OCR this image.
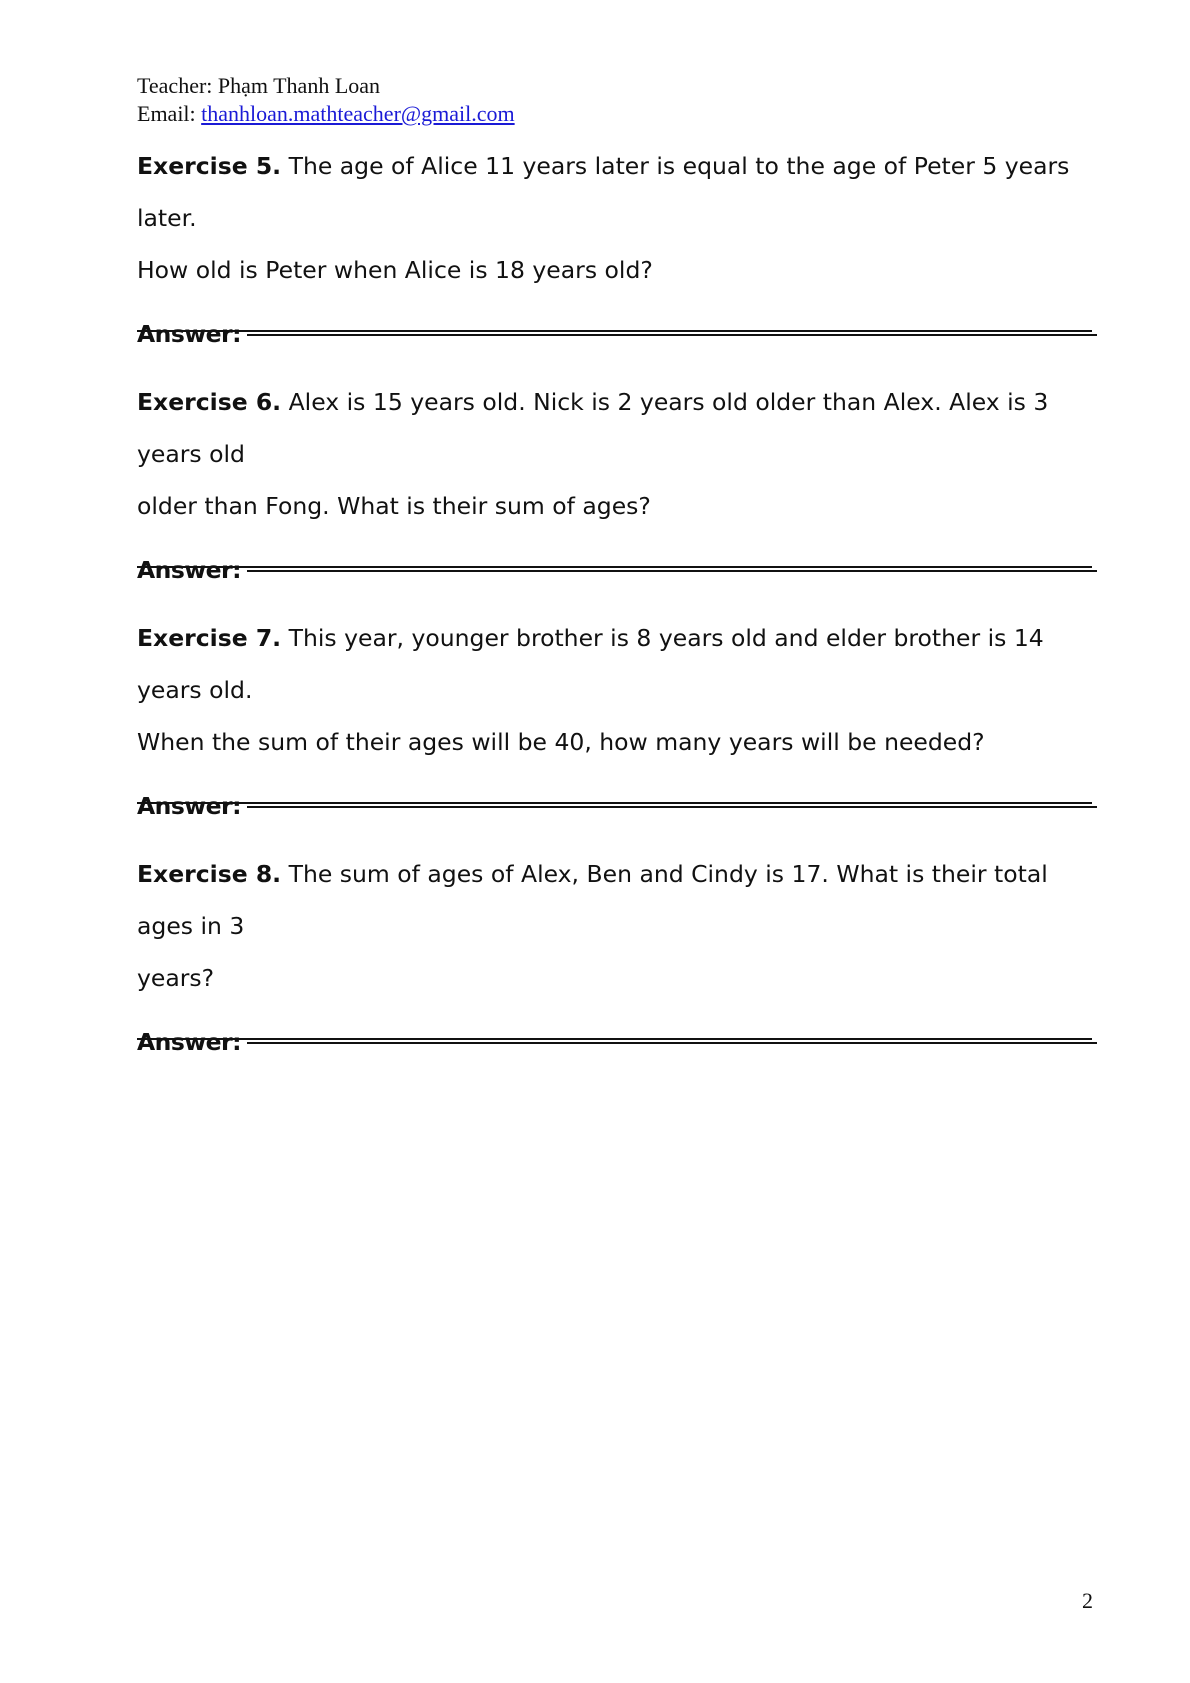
Teacher: Phạm Thanh Loan
Email: thanhloan.mathteacher@gmail.com

Exercise 5. The age of Alice 11 years later is equal to the age of Peter 5 years later.

How old is Peter when Alice is 18 years old?

Answer:

Exercise 6. Alex is 15 years old. Nick is 2 years old older than Alex. Alex is 3 years old

older than Fong. What is their sum of ages?

Answer:

Exercise 7. This year, younger brother is 8 years old and elder brother is 14 years old.

When the sum of their ages will be 40, how many years will be needed?

Answer:

Exercise 8. The sum of ages of Alex, Ben and Cindy is 17. What is their total ages in 3

years?

Answer:
2
